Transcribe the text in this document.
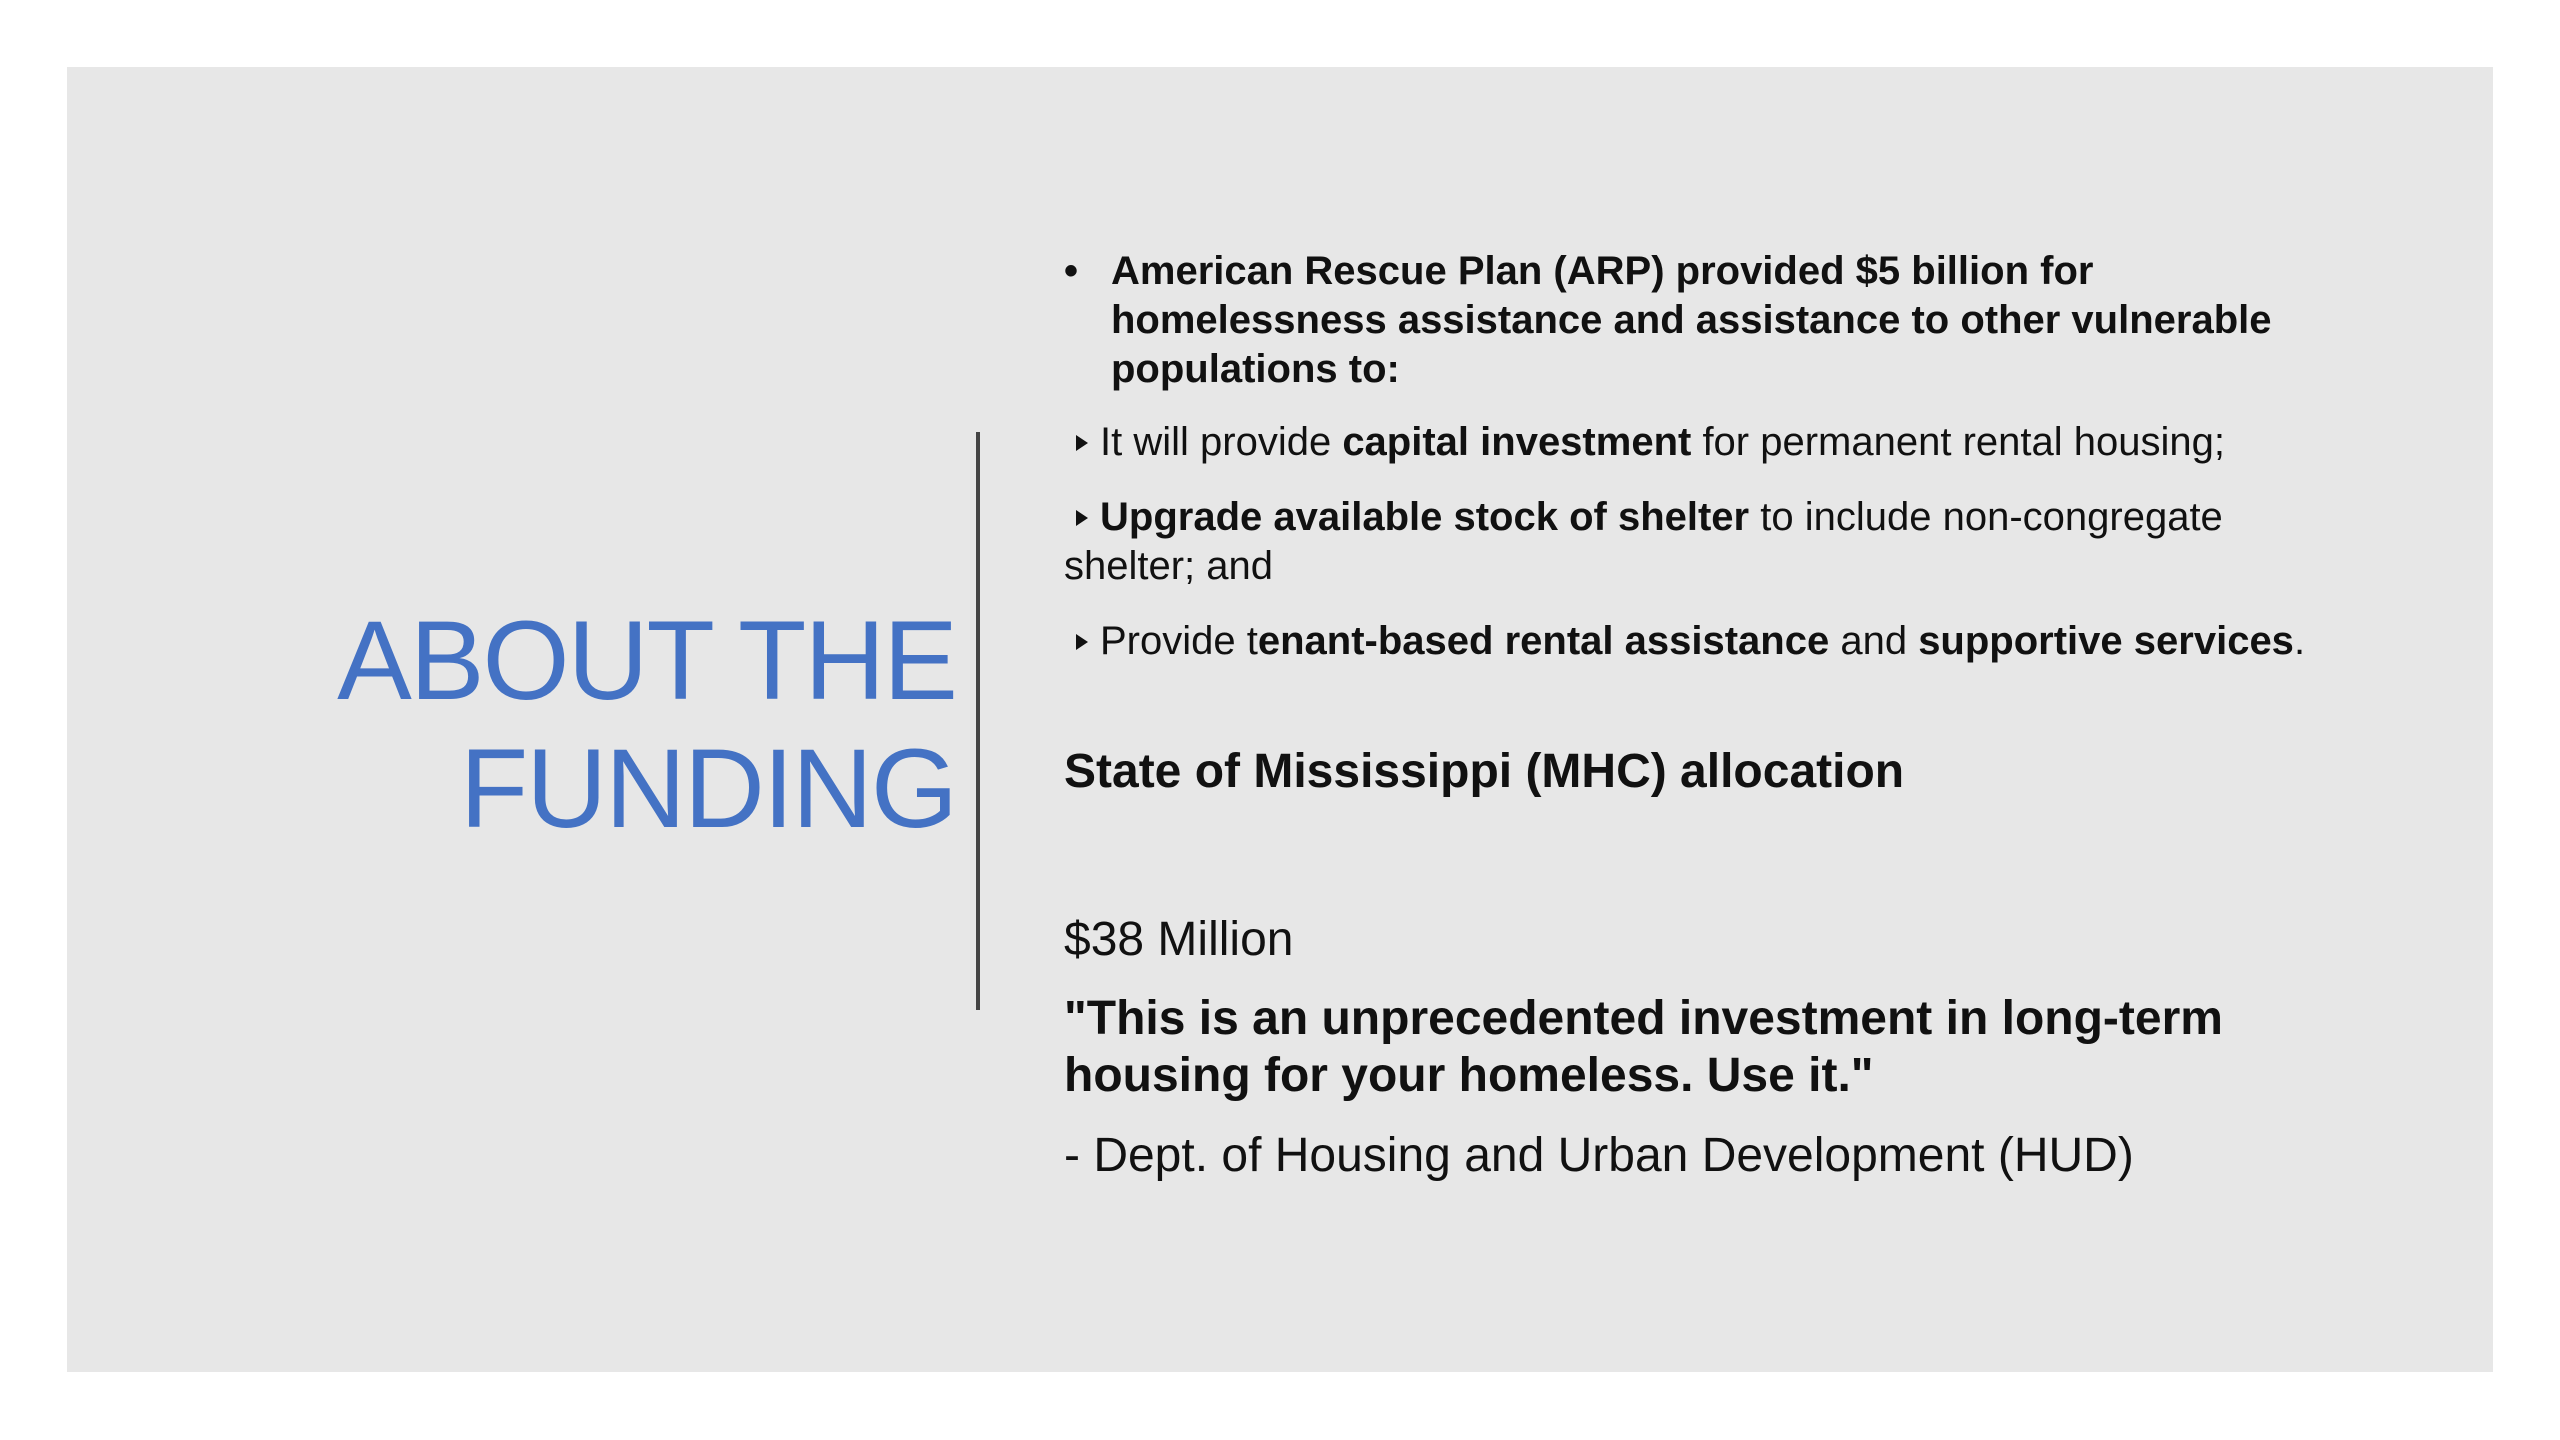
ABOUT THE
FUNDING
• American Rescue Plan (ARP) provided $5 billion for homelessness assistance and assistance to other vulnerable populations to:
It will provide capital investment for permanent rental housing;
Upgrade available stock of shelter to include non-congregate shelter; and
Provide tenant-based rental assistance and supportive services.
State of Mississippi (MHC) allocation
$38 Million
"This is an unprecedented investment in long-term housing for your homeless. Use it."
- Dept. of Housing and Urban Development (HUD)
